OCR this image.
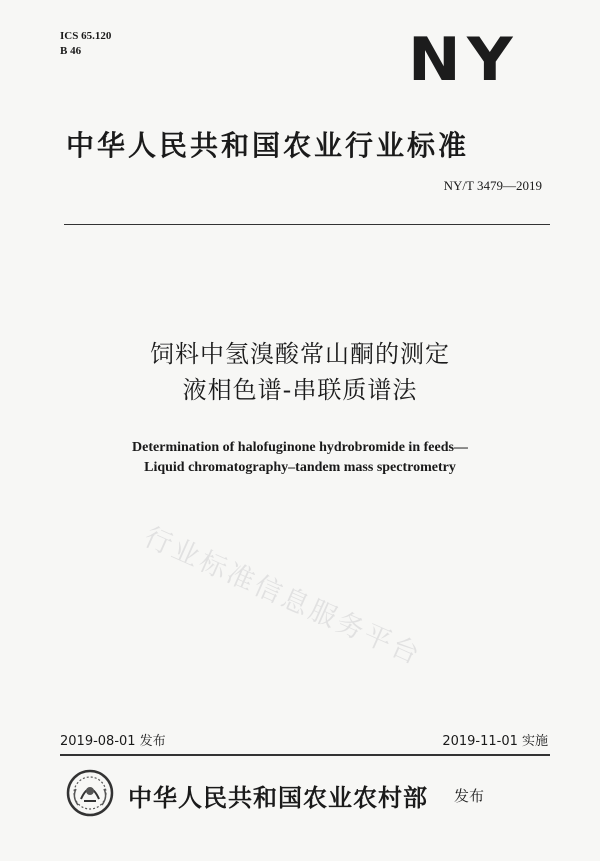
ICS 65.120
B 46	NY
中华人民共和国农业行业标准
NY/T 3479—2019
饲料中氢溴酸常山酮的测定
液相色谱-串联质谱法
Determination of halofuginone hydrobromide in feeds—
Liquid chromatography–tandem mass spectrometry
行业标准信息服务平台
2019-08-01 发布	2019-11-01 实施
中华人民共和国农业农村部 发布
